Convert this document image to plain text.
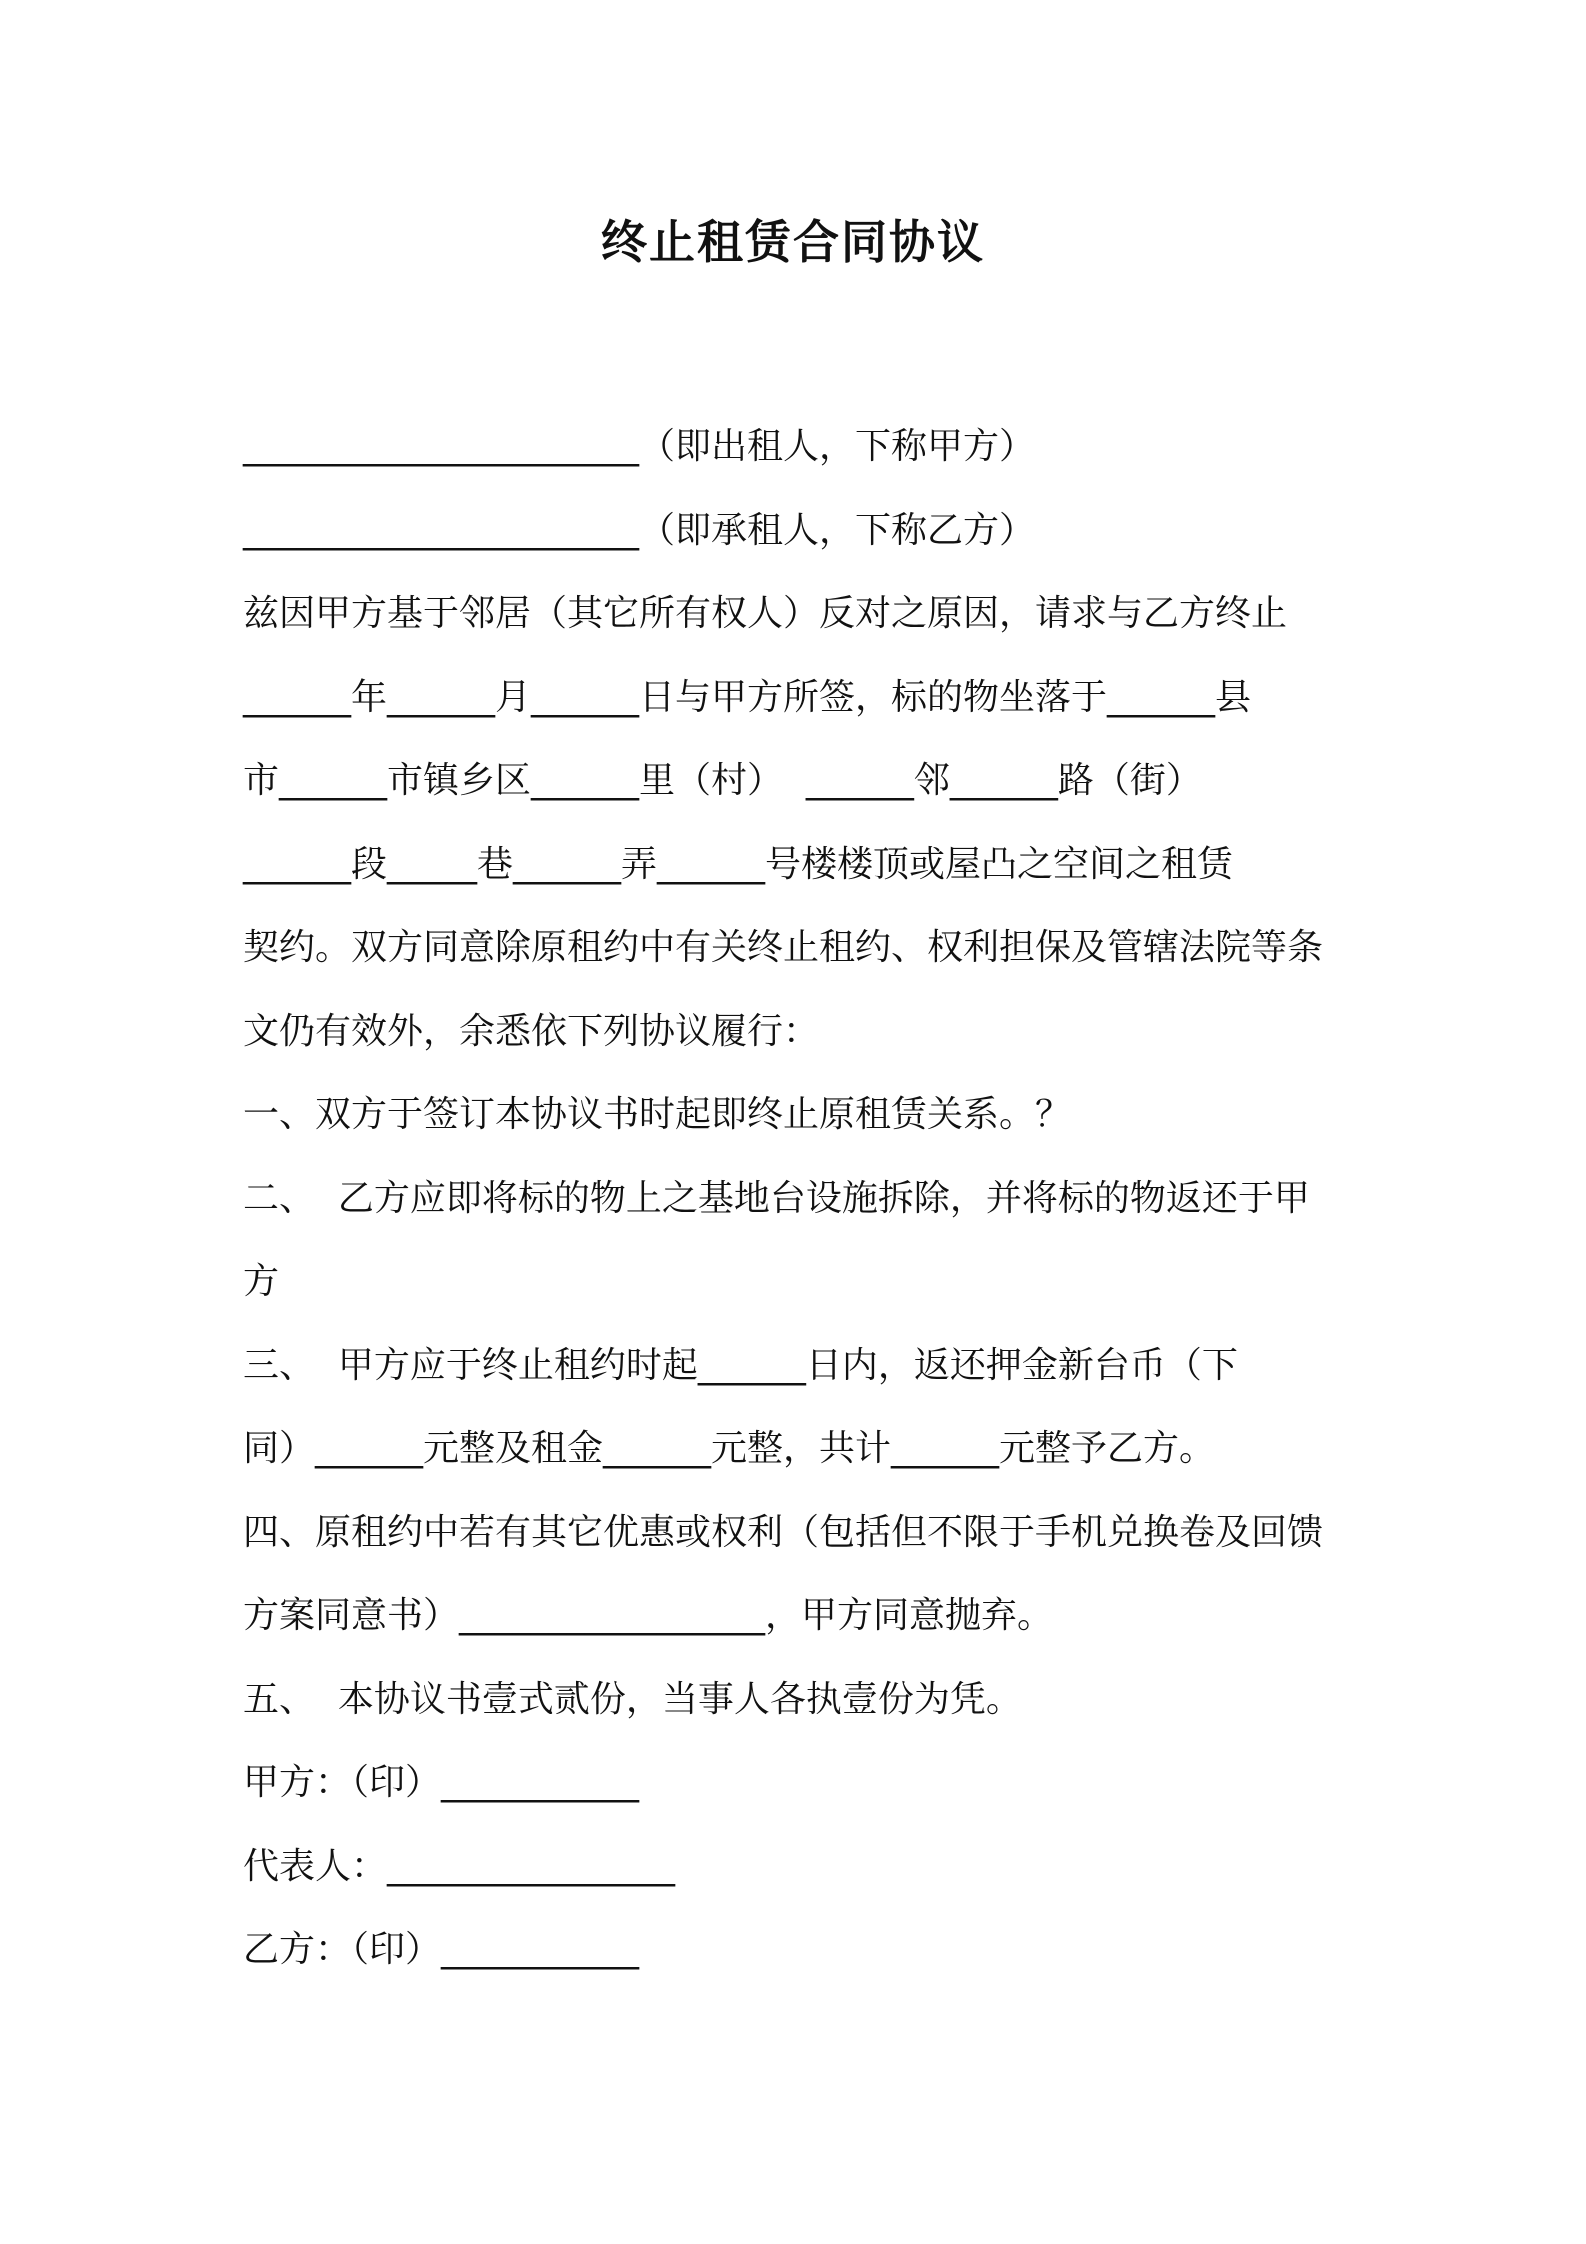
终止租赁合同协议
______________________（即出租人，下称甲方）
______________________（即承租人，下称乙方）
兹因甲方基于邻居（其它所有权人）反对之原因，请求与乙方终止
______年______月______日与甲方所签，标的物坐落于______县
市______市镇乡区______里（村）  ______邻______路（街）
______段_____巷______弄______号楼楼顶或屋凸之空间之租赁
契约。双方同意除原租约中有关终止租约、权利担保及管辖法院等条
文仍有效外，余悉依下列协议履行：
一、双方于签订本协议书时起即终止原租赁关系。？
二、  乙方应即将标的物上之基地台设施拆除，并将标的物返还于甲
方
三、  甲方应于终止租约时起______日内，返还押金新台币（下
同）______元整及租金______元整，共计______元整予乙方。
四、原租约中若有其它优惠或权利（包括但不限于手机兑换卷及回馈
方案同意书）_________________，甲方同意抛弃。
五、  本协议书壹式贰份，当事人各执壹份为凭。
甲方：（印）___________
代表人：________________
乙方：（印）___________
